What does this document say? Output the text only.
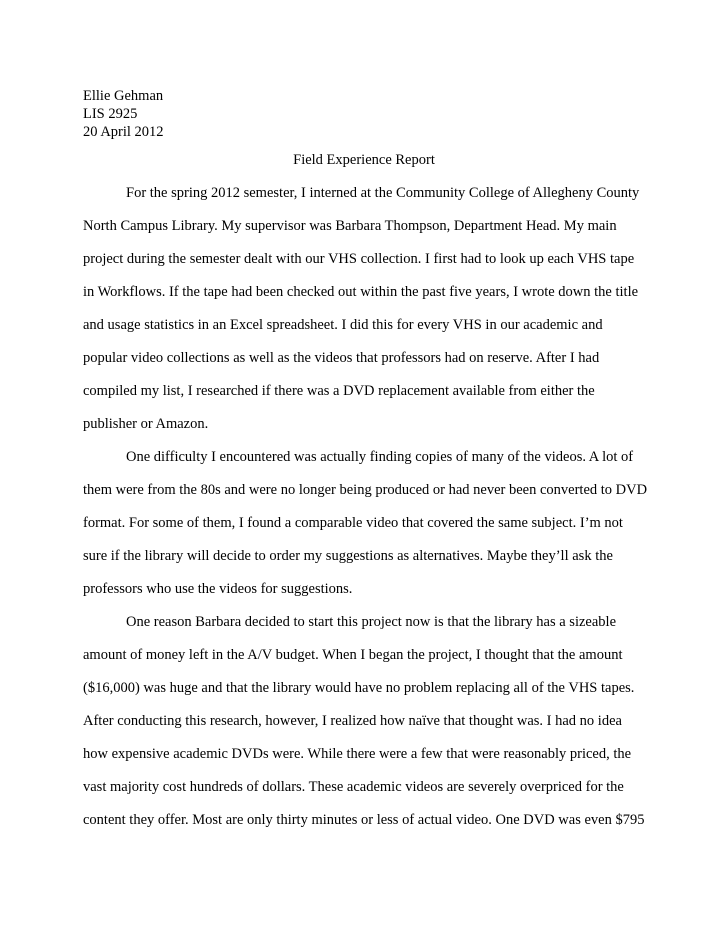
Ellie Gehman
LIS 2925
20 April 2012
Field Experience Report
For the spring 2012 semester, I interned at the Community College of Allegheny County
North Campus Library. My supervisor was Barbara Thompson, Department Head. My main
project during the semester dealt with our VHS collection. I first had to look up each VHS tape
in Workflows. If the tape had been checked out within the past five years, I wrote down the title
and usage statistics in an Excel spreadsheet. I did this for every VHS in our academic and
popular video collections as well as the videos that professors had on reserve. After I had
compiled my list, I researched if there was a DVD replacement available from either the
publisher or Amazon.
One difficulty I encountered was actually finding copies of many of the videos. A lot of
them were from the 80s and were no longer being produced or had never been converted to DVD
format. For some of them, I found a comparable video that covered the same subject. I’m not
sure if the library will decide to order my suggestions as alternatives. Maybe they’ll ask the
professors who use the videos for suggestions.
One reason Barbara decided to start this project now is that the library has a sizeable
amount of money left in the A/V budget. When I began the project, I thought that the amount
($16,000) was huge and that the library would have no problem replacing all of the VHS tapes.
After conducting this research, however, I realized how naïve that thought was. I had no idea
how expensive academic DVDs were. While there were a few that were reasonably priced, the
vast majority cost hundreds of dollars. These academic videos are severely overpriced for the
content they offer. Most are only thirty minutes or less of actual video. One DVD was even $795
